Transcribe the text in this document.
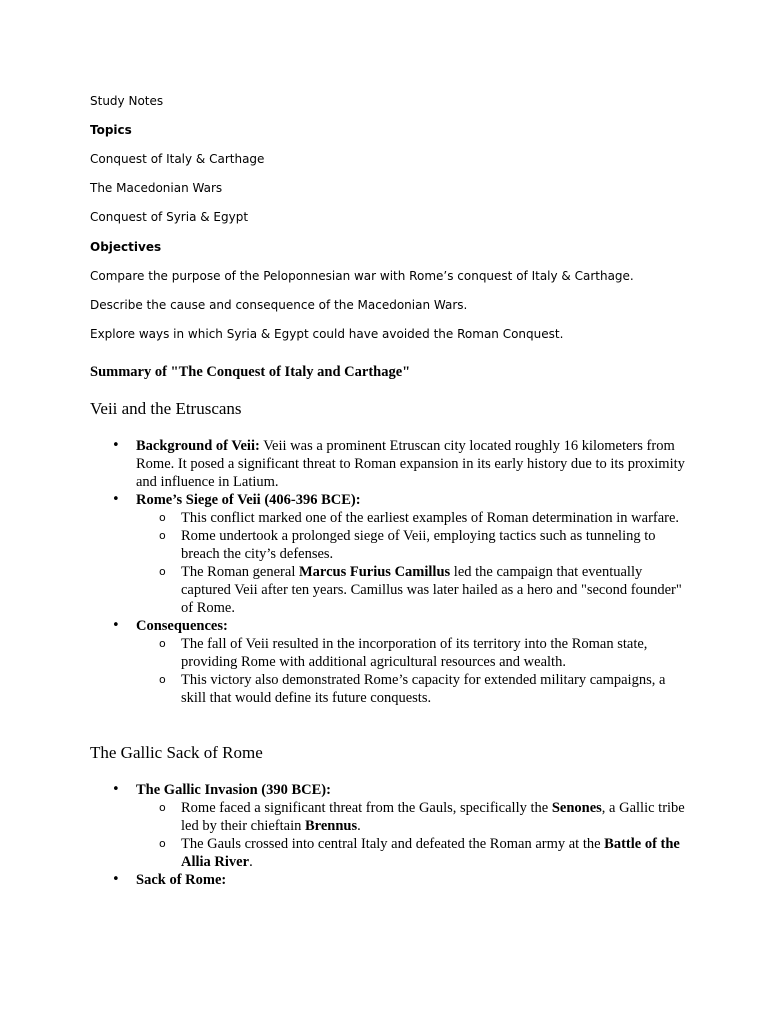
Study Notes
Topics
Conquest of Italy & Carthage
The Macedonian Wars
Conquest of Syria & Egypt
Objectives
Compare the purpose of the Peloponnesian war with Rome’s conquest of Italy & Carthage.
Describe the cause and consequence of the Macedonian Wars.
Explore ways in which Syria & Egypt could have avoided the Roman Conquest.
Summary of "The Conquest of Italy and Carthage"
Veii and the Etruscans
• Background of Veii: Veii was a prominent Etruscan city located roughly 16 kilometers from Rome. It posed a significant threat to Roman expansion in its early history due to its proximity and influence in Latium.
• Rome’s Siege of Veii (406-396 BCE):
o This conflict marked one of the earliest examples of Roman determination in warfare.
o Rome undertook a prolonged siege of Veii, employing tactics such as tunneling to breach the city’s defenses.
o The Roman general Marcus Furius Camillus led the campaign that eventually captured Veii after ten years. Camillus was later hailed as a hero and "second founder" of Rome.
• Consequences:
o The fall of Veii resulted in the incorporation of its territory into the Roman state, providing Rome with additional agricultural resources and wealth.
o This victory also demonstrated Rome’s capacity for extended military campaigns, a skill that would define its future conquests.
The Gallic Sack of Rome
• The Gallic Invasion (390 BCE):
o Rome faced a significant threat from the Gauls, specifically the Senones, a Gallic tribe led by their chieftain Brennus.
o The Gauls crossed into central Italy and defeated the Roman army at the Battle of the Allia River.
• Sack of Rome:
